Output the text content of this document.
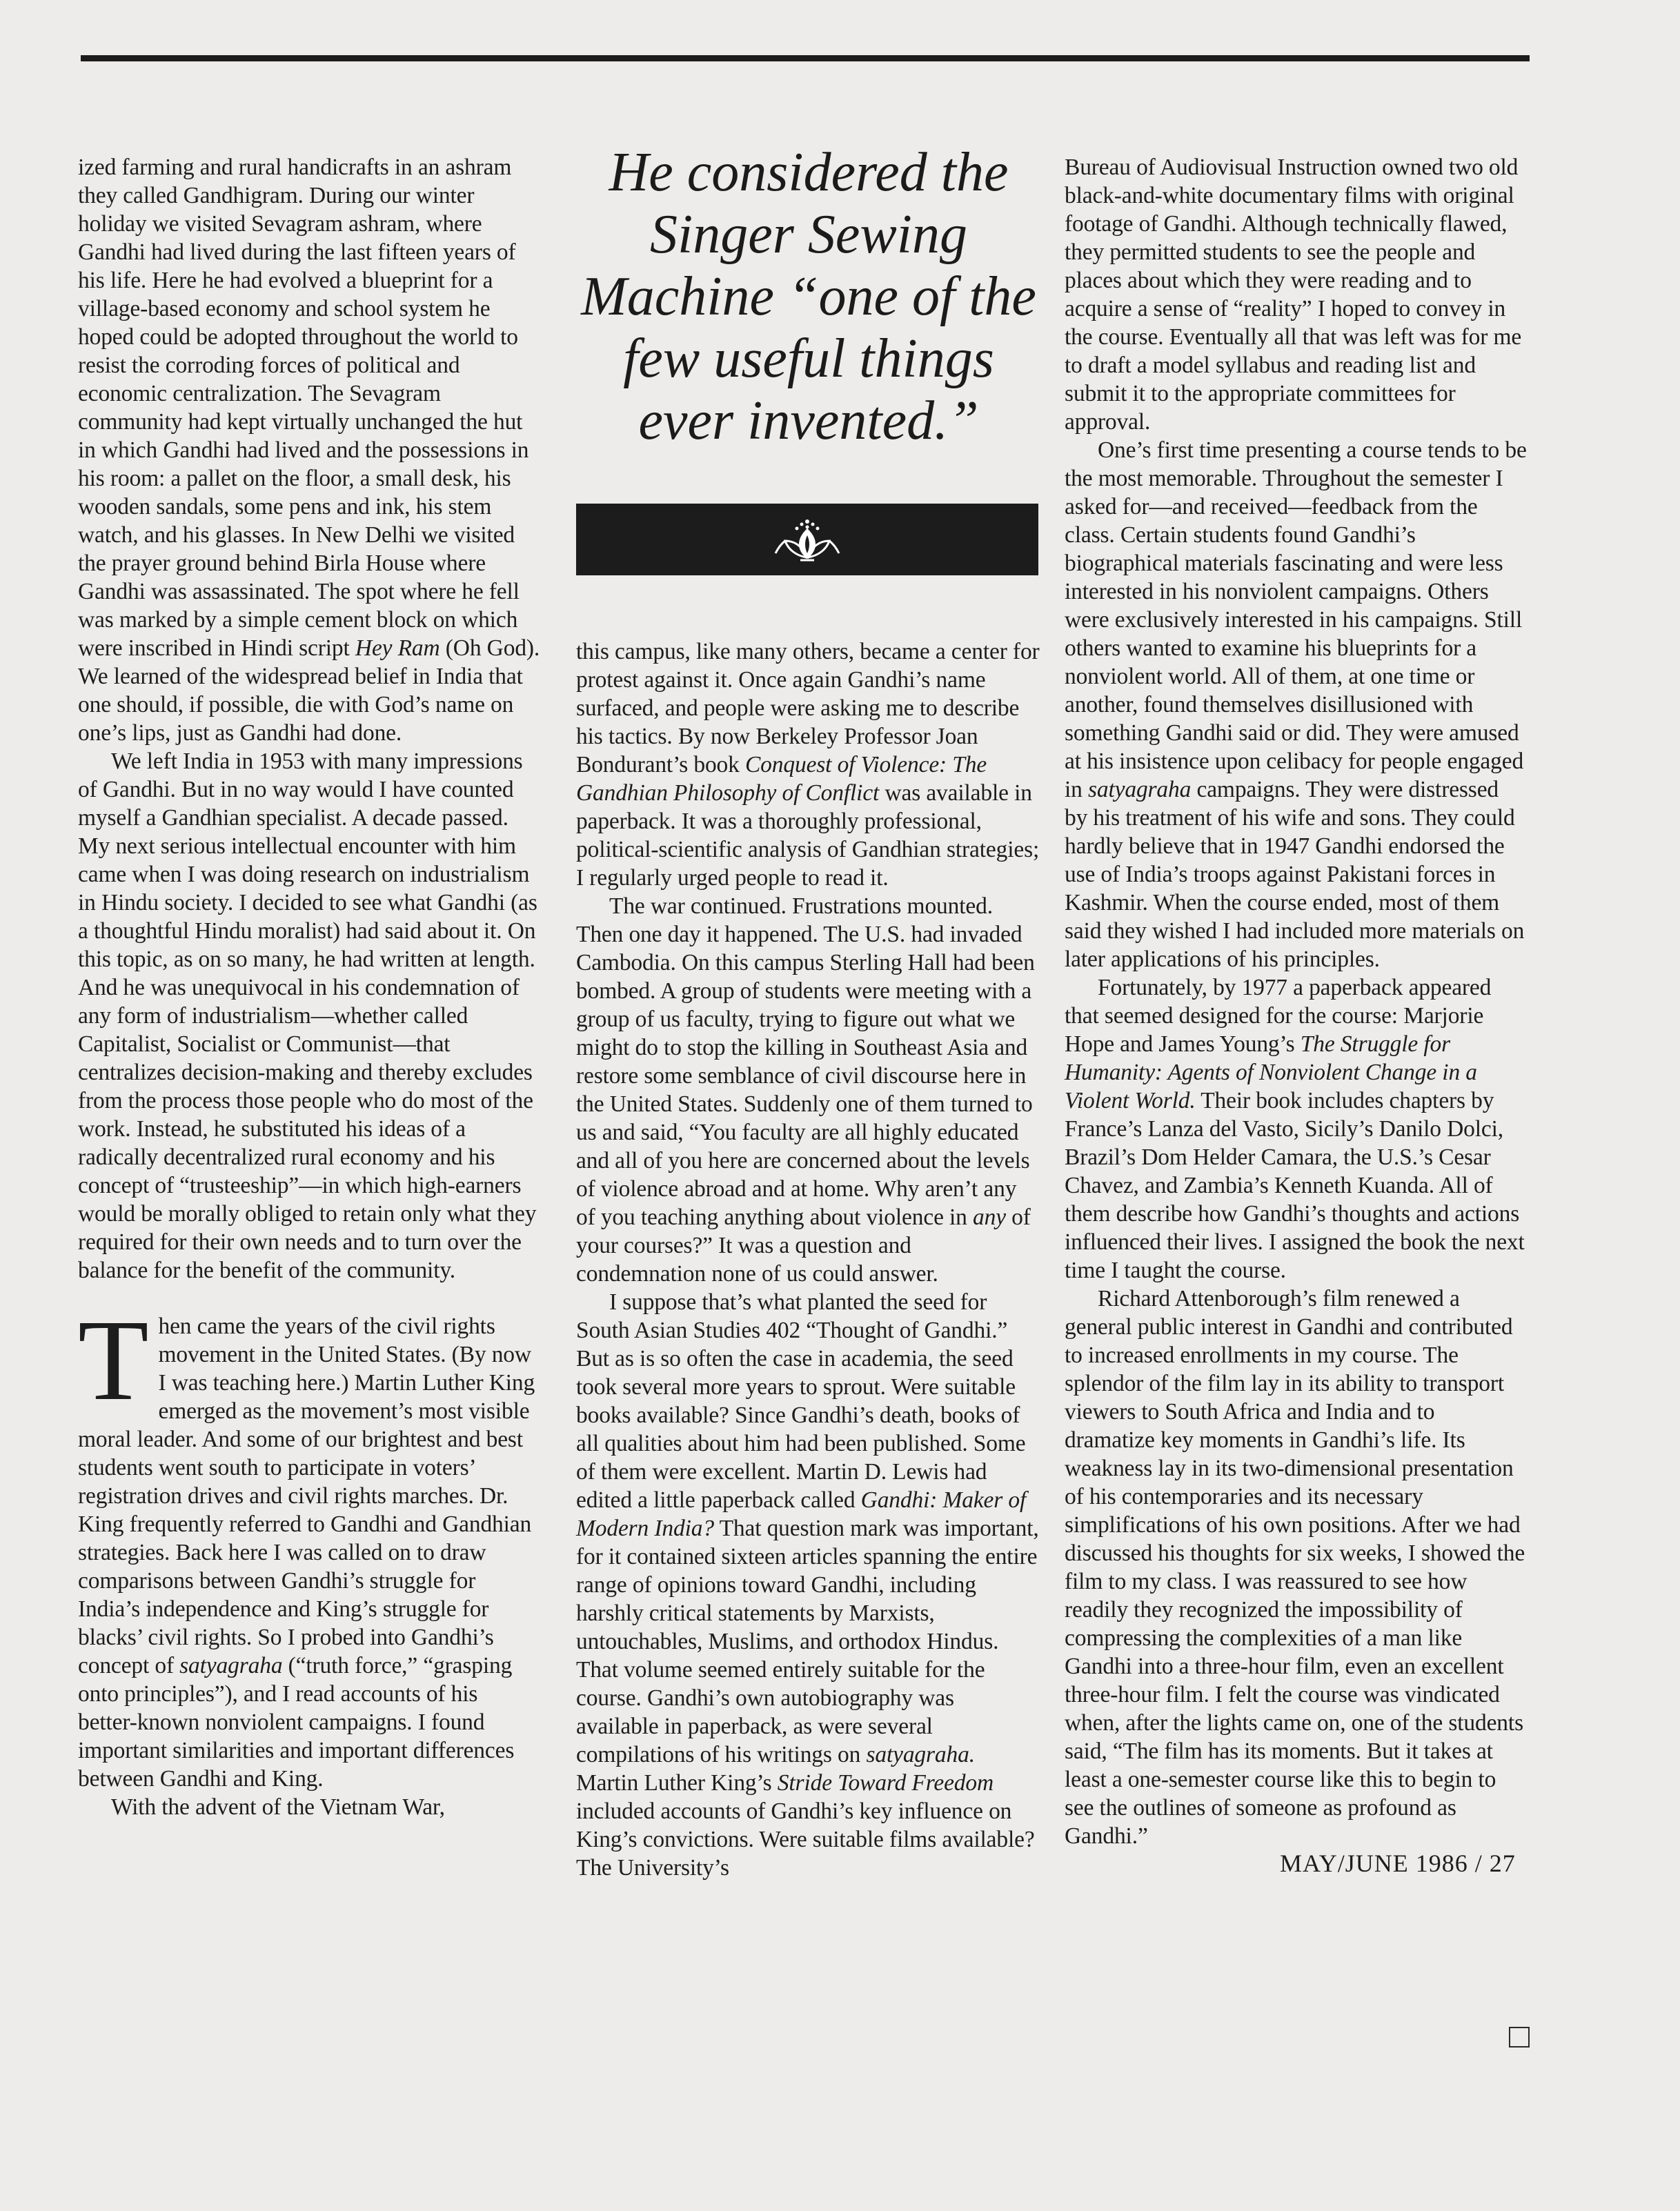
ized farming and rural handicrafts in an ashram they called Gandhigram. During our winter holiday we visited Sevagram ashram, where Gandhi had lived during the last fifteen years of his life. Here he had evolved a blueprint for a village-based economy and school system he hoped could be adopted throughout the world to resist the corroding forces of political and economic centralization. The Sevagram community had kept virtually unchanged the hut in which Gandhi had lived and the possessions in his room: a pallet on the floor, a small desk, his wooden sandals, some pens and ink, his stem watch, and his glasses. In New Delhi we visited the prayer ground behind Birla House where Gandhi was assassinated. The spot where he fell was marked by a simple cement block on which were inscribed in Hindi script Hey Ram (Oh God). We learned of the widespread belief in India that one should, if possible, die with God’s name on one’s lips, just as Gandhi had done.

We left India in 1953 with many impressions of Gandhi. But in no way would I have counted myself a Gandhian specialist. A decade passed. My next serious intellectual encounter with him came when I was doing research on industrialism in Hindu society. I decided to see what Gandhi (as a thoughtful Hindu moralist) had said about it. On this topic, as on so many, he had written at length. And he was unequivocal in his condemnation of any form of industrialism—whether called Capitalist, Socialist or Communist—that centralizes decision-making and thereby excludes from the process those people who do most of the work. Instead, he substituted his ideas of a radically decentralized rural economy and his concept of “trusteeship”—in which high-earners would be morally obliged to retain only what they required for their own needs and to turn over the balance for the benefit of the community.

Then came the years of the civil rights movement in the United States. (By now I was teaching here.) Martin Luther King emerged as the movement’s most visible moral leader. And some of our brightest and best students went south to participate in voters’ registration drives and civil rights marches. Dr. King frequently referred to Gandhi and Gandhian strategies. Back here I was called on to draw comparisons between Gandhi’s struggle for India’s independence and King’s struggle for blacks’ civil rights. So I probed into Gandhi’s concept of satyagraha (“truth force,” “grasping onto principles”), and I read accounts of his better-known nonviolent campaigns. I found important similarities and important differences between Gandhi and King.

With the advent of the Vietnam War,

He considered the
Singer Sewing
Machine “one of the
few useful things
ever invented.”

this campus, like many others, became a center for protest against it. Once again Gandhi’s name surfaced, and people were asking me to describe his tactics. By now Berkeley Professor Joan Bondurant’s book Conquest of Violence: The Gandhian Philosophy of Conflict was available in paperback. It was a thoroughly professional, political-scientific analysis of Gandhian strategies; I regularly urged people to read it.

The war continued. Frustrations mounted. Then one day it happened. The U.S. had invaded Cambodia. On this campus Sterling Hall had been bombed. A group of students were meeting with a group of us faculty, trying to figure out what we might do to stop the killing in Southeast Asia and restore some semblance of civil discourse here in the United States. Suddenly one of them turned to us and said, “You faculty are all highly educated and all of you here are concerned about the levels of violence abroad and at home. Why aren’t any of you teaching anything about violence in any of your courses?” It was a question and condemnation none of us could answer.

I suppose that’s what planted the seed for South Asian Studies 402 “Thought of Gandhi.” But as is so often the case in academia, the seed took several more years to sprout. Were suitable books available? Since Gandhi’s death, books of all qualities about him had been published. Some of them were excellent. Martin D. Lewis had edited a little paperback called Gandhi: Maker of Modern India? That question mark was important, for it contained sixteen articles spanning the entire range of opinions toward Gandhi, including harshly critical statements by Marxists, untouchables, Muslims, and orthodox Hindus. That volume seemed entirely suitable for the course. Gandhi’s own autobiography was available in paperback, as were several compilations of his writings on satyagraha. Martin Luther King’s Stride Toward Freedom included accounts of Gandhi’s key influence on King’s convictions. Were suitable films available? The University’s

Bureau of Audiovisual Instruction owned two old black-and-white documentary films with original footage of Gandhi. Although technically flawed, they permitted students to see the people and places about which they were reading and to acquire a sense of “reality” I hoped to convey in the course. Eventually all that was left was for me to draft a model syllabus and reading list and submit it to the appropriate committees for approval.

One’s first time presenting a course tends to be the most memorable. Throughout the semester I asked for—and received—feedback from the class. Certain students found Gandhi’s biographical materials fascinating and were less interested in his nonviolent campaigns. Others were exclusively interested in his campaigns. Still others wanted to examine his blueprints for a nonviolent world. All of them, at one time or another, found themselves disillusioned with something Gandhi said or did. They were amused at his insistence upon celibacy for people engaged in satyagraha campaigns. They were distressed by his treatment of his wife and sons. They could hardly believe that in 1947 Gandhi endorsed the use of India’s troops against Pakistani forces in Kashmir. When the course ended, most of them said they wished I had included more materials on later applications of his principles.

Fortunately, by 1977 a paperback appeared that seemed designed for the course: Marjorie Hope and James Young’s The Struggle for Humanity: Agents of Nonviolent Change in a Violent World. Their book includes chapters by France’s Lanza del Vasto, Sicily’s Danilo Dolci, Brazil’s Dom Helder Camara, the U.S.’s Cesar Chavez, and Zambia’s Kenneth Kuanda. All of them describe how Gandhi’s thoughts and actions influenced their lives. I assigned the book the next time I taught the course.

Richard Attenborough’s film renewed a general public interest in Gandhi and contributed to increased enrollments in my course. The splendor of the film lay in its ability to transport viewers to South Africa and India and to dramatize key moments in Gandhi’s life. Its weakness lay in its two-dimensional presentation of his contemporaries and its necessary simplifications of his own positions. After we had discussed his thoughts for six weeks, I showed the film to my class. I was reassured to see how readily they recognized the impossibility of compressing the complexities of a man like Gandhi into a three-hour film, even an excellent three-hour film. I felt the course was vindicated when, after the lights came on, one of the students said, “The film has its moments. But it takes at least a one-semester course like this to begin to see the outlines of someone as profound as Gandhi.”

MAY/JUNE 1986 / 27
